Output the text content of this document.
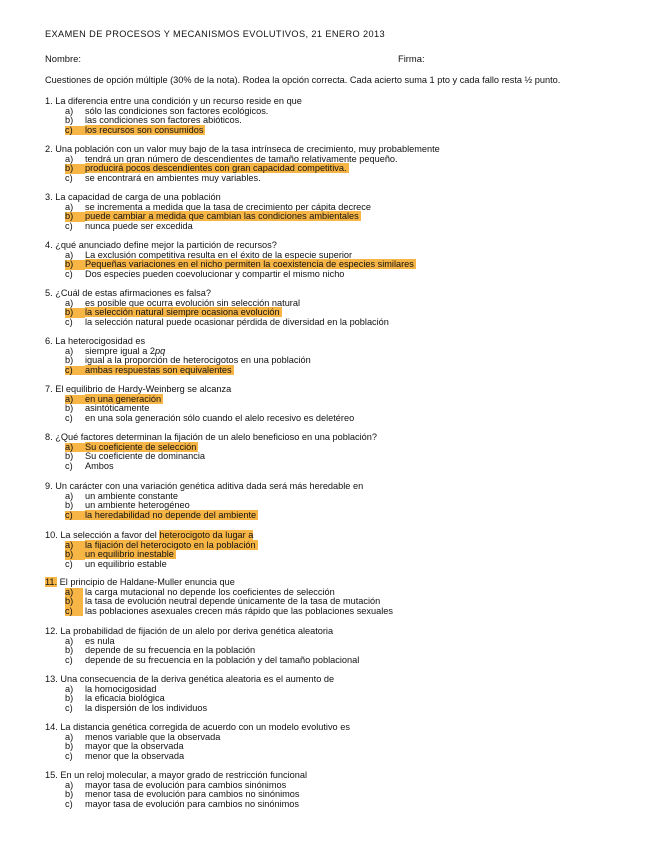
EXAMEN DE PROCESOS Y MECANISMOS EVOLUTIVOS, 21 ENERO 2013
Nombre:	Firma:
Cuestiones de opción múltiple (30% de la nota). Rodea la opción correcta. Cada acierto suma 1 pto y cada fallo resta ½ punto.
1. La diferencia entre una condición y un recurso reside en que
a)	sólo las condiciones son factores ecológicos.
b)	las condiciones son factores abióticos.
c)	los recursos son consumidos
2. Una población con un valor muy bajo de la tasa intrínseca de crecimiento, muy probablemente
a)	tendrá un gran número de descendientes de tamaño relativamente pequeño.
b)	producirá pocos descendientes con gran capacidad competitiva.
c)	se encontrará en ambientes muy variables.
3. La capacidad de carga de una población
a)	se incrementa a medida que la tasa de crecimiento per cápita decrece
b)	puede cambiar a medida que cambian las condiciones ambientales
c)	nunca puede ser excedida
4. ¿qué anunciado define mejor la partición de recursos?
a)	La exclusión competitiva resulta en el éxito de la especie superior
b)	Pequeñas variaciones en el nicho permiten la coexistencia de especies similares
c)	Dos especies pueden coevolucionar y compartir el mismo nicho
5. ¿Cuál de estas afirmaciones es falsa?
a)	es posible que ocurra evolución sin selección natural
b)	la selección natural siempre ocasiona evolución
c)	la selección natural puede ocasionar pérdida de diversidad en la población
6. La heterocigosidad es
a)	siempre igual a 2pq
b)	igual a la proporción de heterocigotos en una población
c)	ambas respuestas son equivalentes
7. El equilibrio de Hardy-Weinberg se alcanza
a)	en una generación
b)	asintóticamente
c)	en una sola generación sólo cuando el alelo recesivo es deletéreo
8. ¿Qué factores determinan la fijación de un alelo beneficioso en una población?
a)	Su coeficiente de selección
b)	Su coeficiente de dominancia
c)	Ambos
9. Un carácter con una variación genética aditiva dada será más heredable en
a)	un ambiente constante
b)	un ambiente heterogéneo
c)	la heredabilidad no depende del ambiente
10. La selección a favor del heterocigoto da lugar a
a)	la fijación del heterocigoto en la población
b)	un equilibrio inestable
c)	un equilibrio estable
11. El principio de Haldane-Muller enuncia que
a)	la carga mutacional no depende los coeficientes de selección
b)	la tasa de evolución neutral depende únicamente de la tasa de mutación
c)	las poblaciones asexuales crecen más rápido que las poblaciones sexuales
12. La probabilidad de fijación de un alelo por deriva genética aleatoria
a)	es nula
b)	depende de su frecuencia en la población
c)	depende de su frecuencia en la población y del tamaño poblacional
13. Una consecuencia de la deriva genética aleatoria es el aumento de
a)	la homocigosidad
b)	la eficacia biológica
c)	la dispersión de los individuos
14. La distancia genética corregida de acuerdo con un modelo evolutivo es
a)	menos variable que la observada
b)	mayor que la observada
c)	menor que la observada
15. En un reloj molecular, a mayor grado de restricción funcional
a)	mayor tasa de evolución para cambios sinónimos
b)	menor tasa de evolución para cambios no sinónimos
c)	mayor tasa de evolución para cambios no sinónimos
